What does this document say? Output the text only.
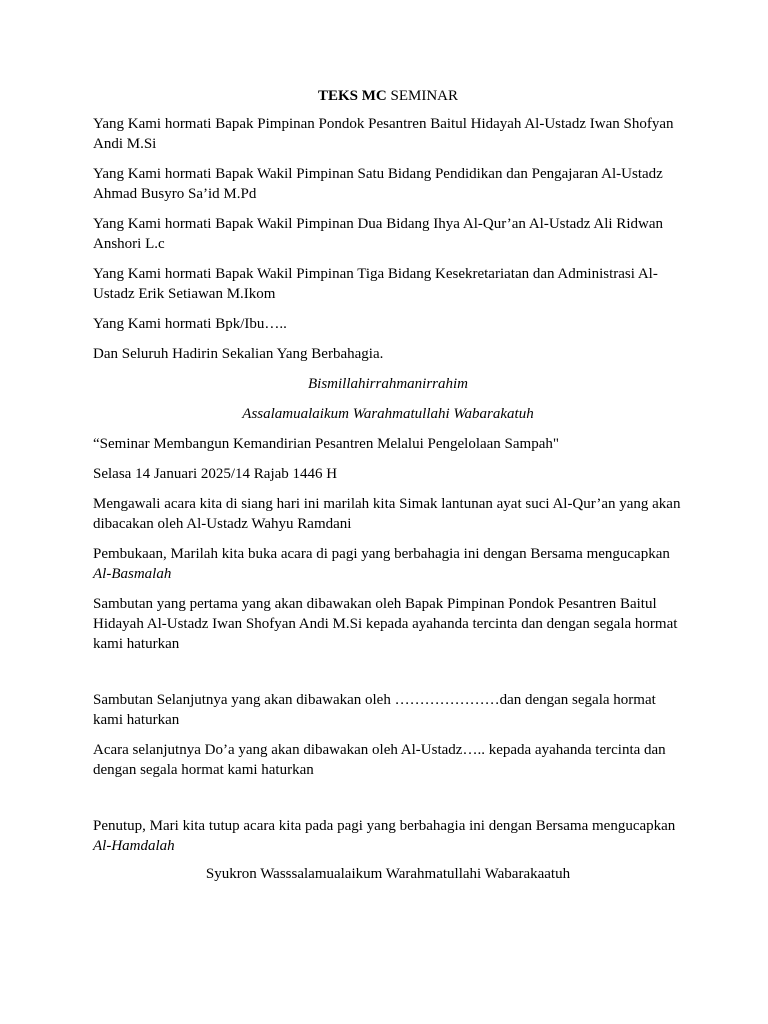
TEKS MC SEMINAR

Yang Kami hormati Bapak Pimpinan Pondok Pesantren Baitul Hidayah Al-Ustadz Iwan Shofyan Andi M.Si

Yang Kami hormati Bapak Wakil Pimpinan Satu Bidang Pendidikan dan Pengajaran Al-Ustadz Ahmad Busyro Sa’id M.Pd

Yang Kami hormati Bapak Wakil Pimpinan Dua Bidang Ihya Al-Qur’an Al-Ustadz Ali Ridwan Anshori L.c

Yang Kami hormati Bapak Wakil Pimpinan Tiga Bidang Kesekretariatan dan Administrasi Al-Ustadz Erik Setiawan M.Ikom

Yang Kami hormati Bpk/Ibu…..

Dan Seluruh Hadirin Sekalian Yang Berbahagia.

Bismillahirrahmanirrahim

Assalamualaikum Warahmatullahi Wabarakatuh

“Seminar Membangun Kemandirian Pesantren Melalui Pengelolaan Sampah"

Selasa 14 Januari 2025/14 Rajab 1446 H

Mengawali acara kita di siang hari ini marilah kita Simak lantunan ayat suci Al-Qur’an yang akan dibacakan oleh Al-Ustadz Wahyu Ramdani

Pembukaan, Marilah kita buka acara di pagi yang berbahagia ini dengan Bersama mengucapkan Al-Basmalah

Sambutan yang pertama yang akan dibawakan oleh Bapak Pimpinan Pondok Pesantren Baitul Hidayah Al-Ustadz Iwan Shofyan Andi M.Si kepada ayahanda tercinta dan dengan segala hormat kami haturkan

Sambutan Selanjutnya yang akan dibawakan oleh …………………dan dengan segala hormat kami haturkan

Acara selanjutnya Do’a yang akan dibawakan oleh Al-Ustadz….. kepada ayahanda tercinta dan dengan segala hormat kami haturkan

Penutup, Mari kita tutup acara kita pada pagi yang berbahagia ini dengan Bersama mengucapkan Al-Hamdalah

Syukron Wasssalamualaikum Warahmatullahi Wabarakaatuh
